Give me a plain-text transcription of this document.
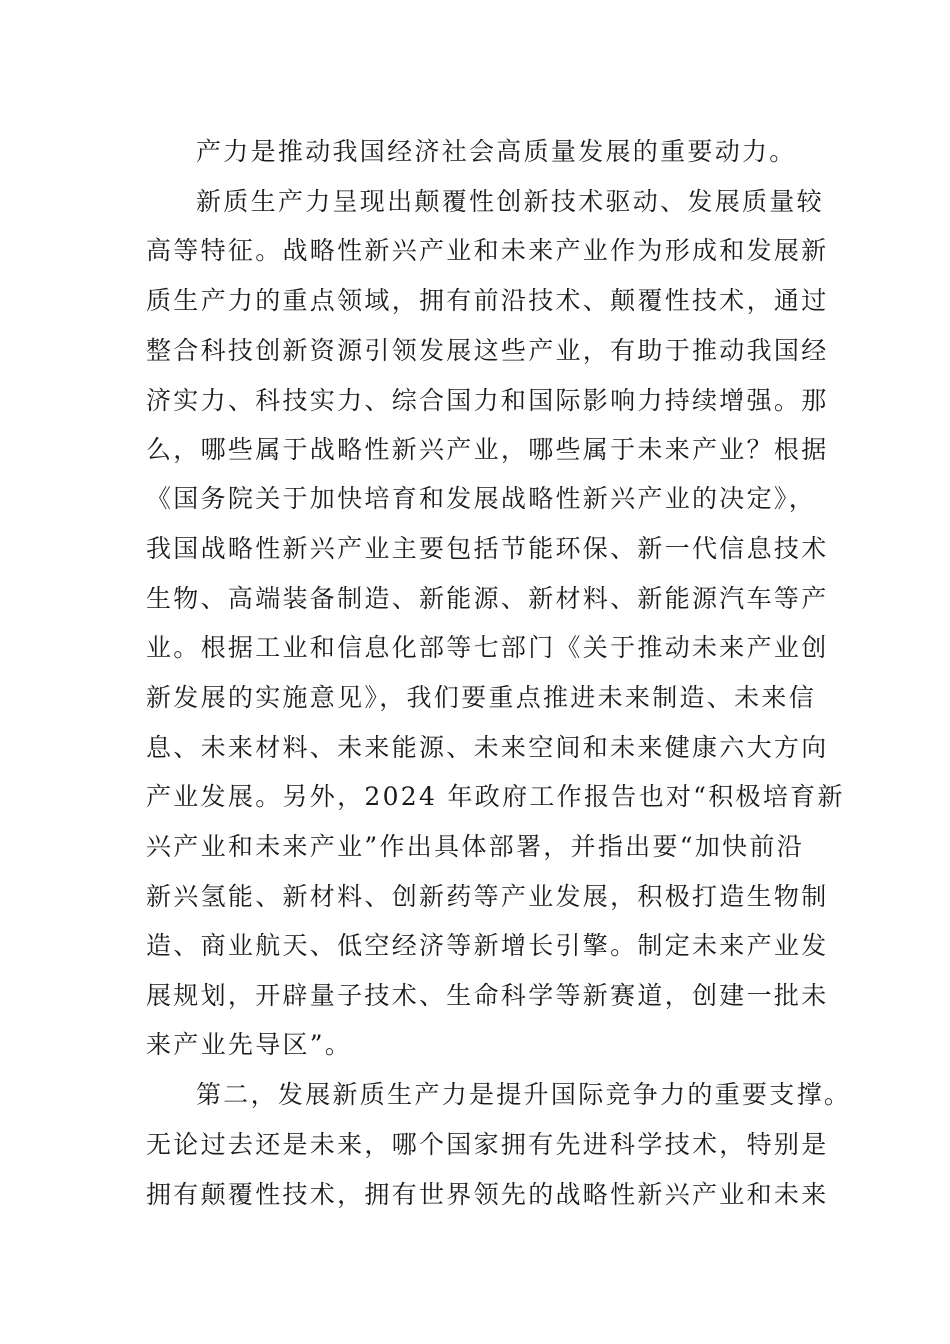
产力是推动我国经济社会高质量发展的重要动力。
新质生产力呈现出颠覆性创新技术驱动、发展质量较
高等特征。战略性新兴产业和未来产业作为形成和发展新
质生产力的重点领域，拥有前沿技术、颠覆性技术，通过
整合科技创新资源引领发展这些产业，有助于推动我国经
济实力、科技实力、综合国力和国际影响力持续增强。那
么，哪些属于战略性新兴产业，哪些属于未来产业？根据
《国务院关于加快培育和发展战略性新兴产业的决定》，
我国战略性新兴产业主要包括节能环保、新一代信息技术
生物、高端装备制造、新能源、新材料、新能源汽车等产
业。根据工业和信息化部等七部门《关于推动未来产业创
新发展的实施意见》，我们要重点推进未来制造、未来信
息、未来材料、未来能源、未来空间和未来健康六大方向
产业发展。另外，2024 年政府工作报告也对“积极培育新
兴产业和未来产业”作出具体部署，并指出要“加快前沿
新兴氢能、新材料、创新药等产业发展，积极打造生物制
造、商业航天、低空经济等新增长引擎。制定未来产业发
展规划，开辟量子技术、生命科学等新赛道，创建一批未
来产业先导区”。
第二，发展新质生产力是提升国际竞争力的重要支撑。
无论过去还是未来，哪个国家拥有先进科学技术，特别是
拥有颠覆性技术，拥有世界领先的战略性新兴产业和未来
